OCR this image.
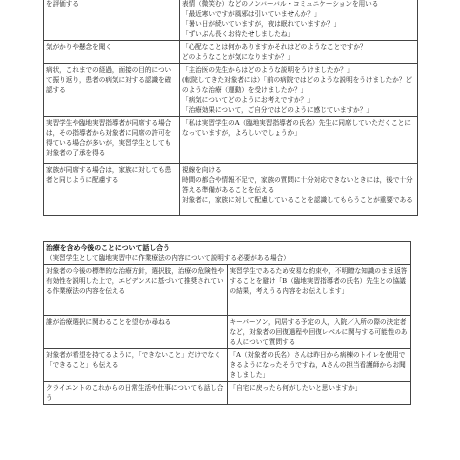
を評価する	表情（微笑む）などのノンバーバル・コミュニケーションを用いる
「最近寒いですが風邪は引いていませんか？」
「暑い日が続いていますが，夜は眠れていますか？」
「ずいぶん長くお待たせしましたね」

気がかりや懸念を聞く	「心配なことは何かありますかそれはどのようなことですか？
どのようなことが気になりますか？」

病状，これまでの経過，面接の目的について振り返り，患者の病気に対する認識を確認する	「主治医の先生からはどのような説明をうけましたか？」
(転院してきた対象者には）「前の病院ではどのような説明をうけましたか？どのような治療（運動）を受けましたか？」
「病気についてどのようにお考えですか？」
「治療効果について，ご自分ではどのように感じていますか？」

実習学生や臨地実習指導者が同席する場合は，その指導者から対象者に同席の許可を得ている場合が多いが，実習学生としても対象者の了承を得る	「私は実習学生のA（臨地実習指導者の氏名）先生に同席していただくことになっていますが，よろしいでしょうか」

家族が同席する場合は，家族に対しても患者と同じように配慮する	視線を向ける
時間の都合や情報不足で，家族の質問に十分対応できないときには，後で十分答える準備があることを伝える
対象者に，家族に対して配慮していることを認識してもらうことが重要である
治療を含め今後のことについて話し合う
（実習学生として臨地実習中に作業療法の内容について説明する必要がある場合）	

対象者の今後の標準的な治療方針，選択肢，治療の危険性や有効性を説明した上で，エビデンスに基づいて推奨されている作業療法の内容を伝える	実習学生であるため安易な約束や，不明瞭な知識のまま返答することを避け「B（臨地実習指導者の氏名）先生との協議の結果，考えうる内容をお伝えします」

誰が治療選択に関わることを望むか尋ねる	キーパーソン，同居する予定の人，入院／入所の際の決定者など，対象者の回復過程や回復レベルに関与する可能性のある人について質問する

対象者が希望を持てるように，「できないこと」だけでなく「できること」も伝える	「A（対象者の氏名）さんは昨日から病棟のトイレを使用できるようになったそうですね，Aさんの担当看護師からお聞きしました」

クライエントのこれからの日常生活や仕事についても話し合う	「自宅に戻ったら何がしたいと思いますか」
